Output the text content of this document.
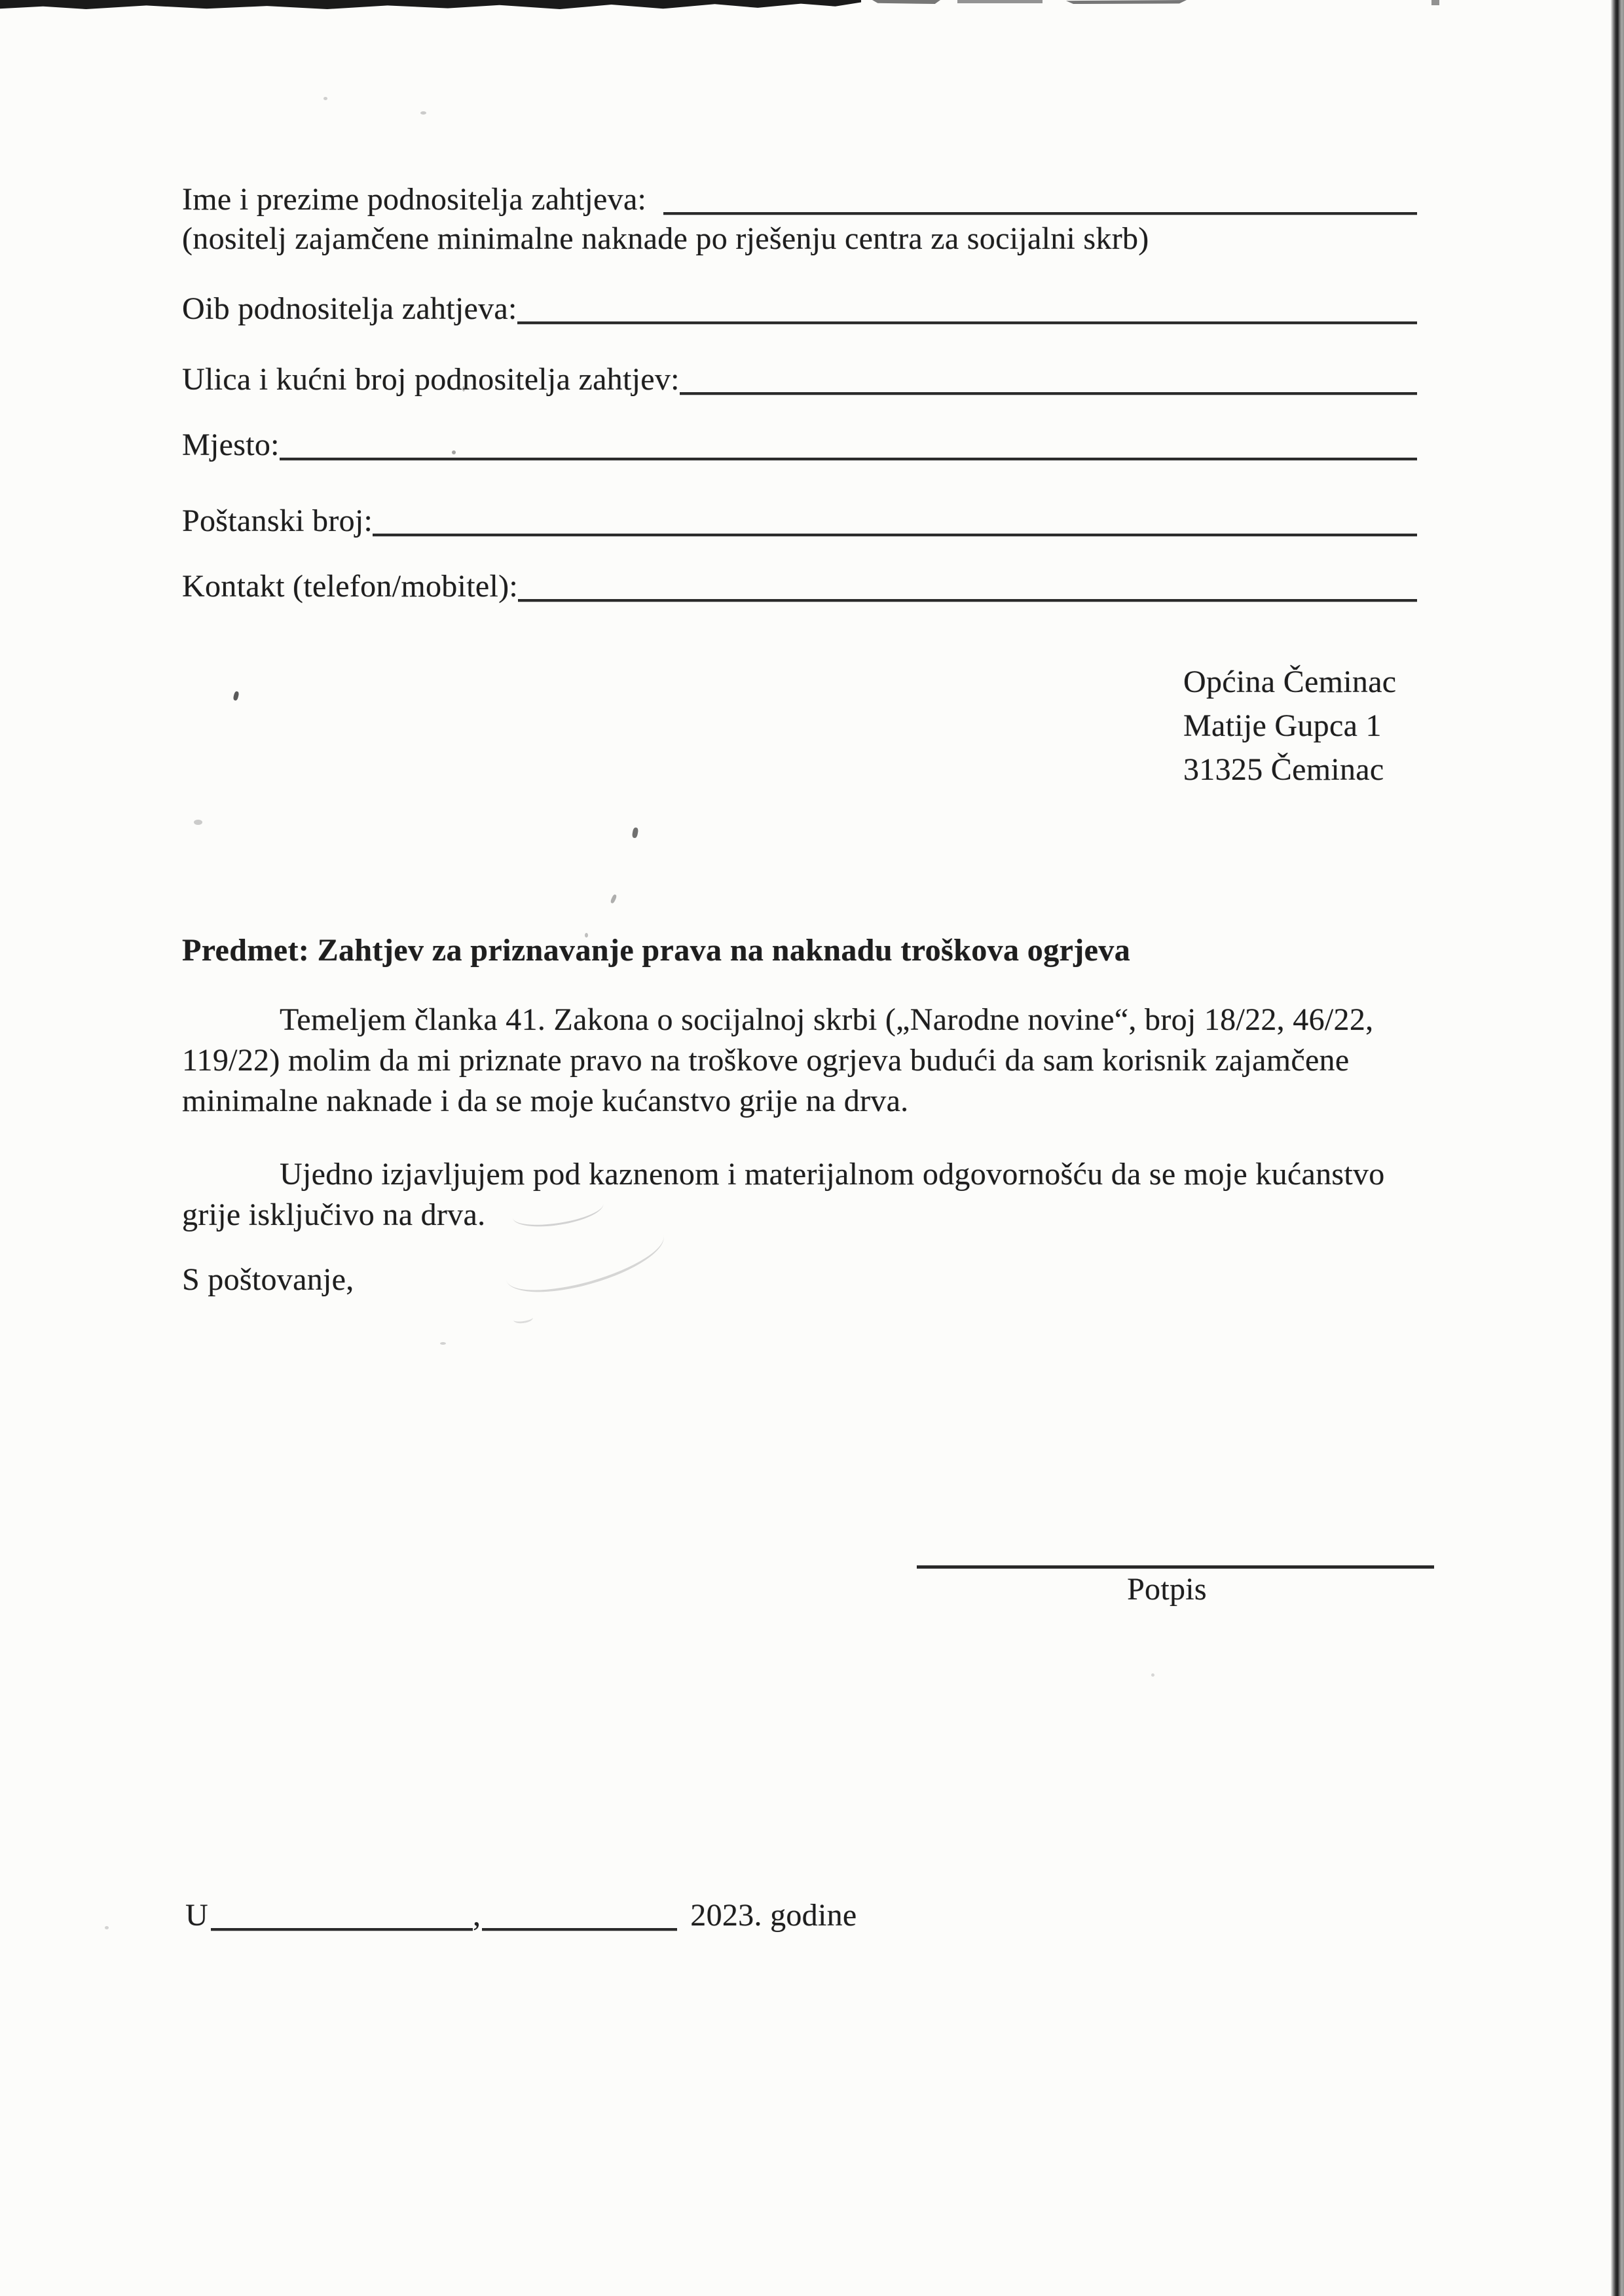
Ime i prezime podnositelja zahtjeva:
(nositelj zajamčene minimalne naknade po rješenju centra za socijalni skrb)
Oib podnositelja zahtjeva:
Ulica i kućni broj podnositelja zahtjev:
Mjesto:
Poštanski broj:
Kontakt (telefon/mobitel):
Općina Čeminac
Matije Gupca 1
31325 Čeminac
Predmet: Zahtjev za priznavanje prava na naknadu troškova ogrjeva
Temeljem članka 41. Zakona o socijalnoj skrbi („Narodne novine“, broj 18/22, 46/22,
119/22) molim da mi priznate pravo na troškove ogrjeva budući da sam korisnik zajamčene
minimalne naknade i da se moje kućanstvo grije na drva.
Ujedno izjavljujem pod kaznenom i materijalnom odgovornošću da se moje kućanstvo
grije isključivo na drva.
S poštovanje,
Potpis
U	,	2023. godine
